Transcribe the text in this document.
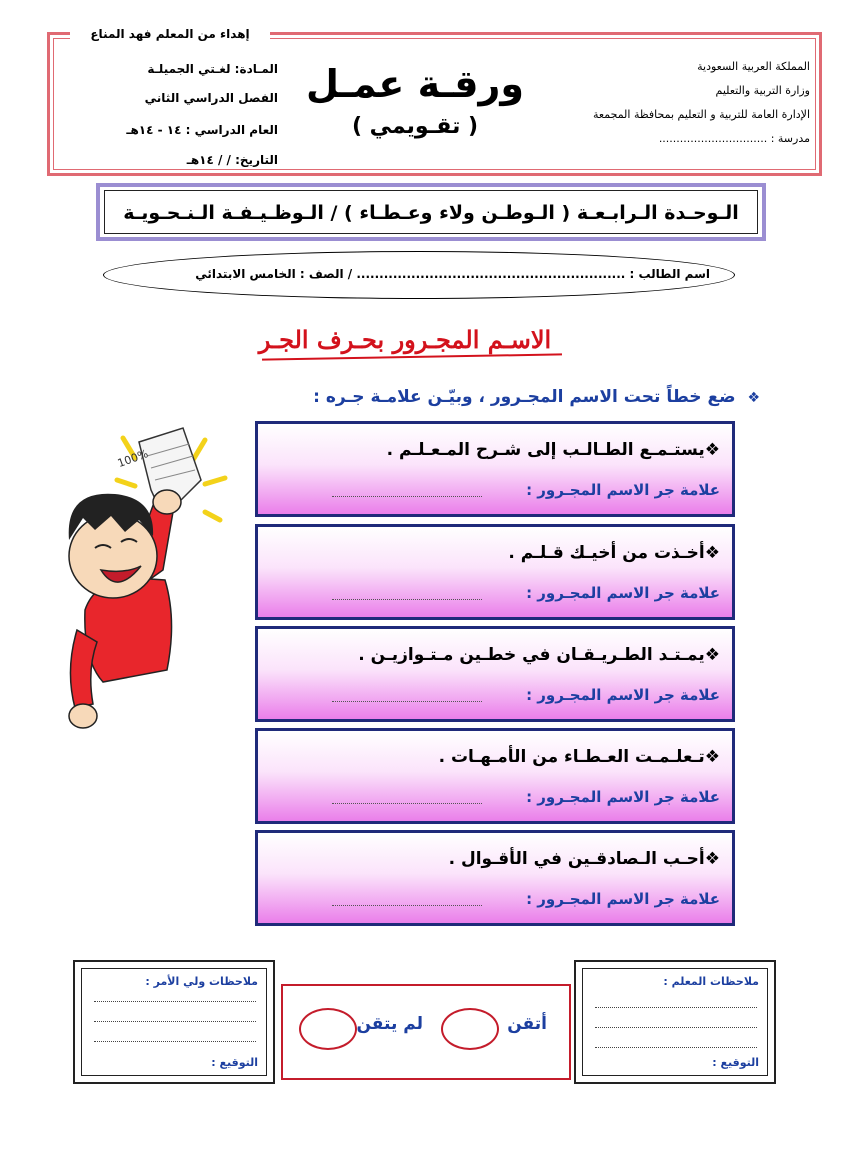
إهداء من المعلم فهد المناع
المملكة العربية السعودية
وزارة التربية والتعليم
الإدارة العامة للتربية و التعليم بمحافظة المجمعة
مدرسة : ...............................
ورقـة عمـل
( تقـويمي )
المـادة: لغـتي الجميلـة
الفصل الدراسي الثاني
العام الدراسي : ١٤ - ١٤هـ
التاريخ: / / ١٤هـ
الـوحـدة الـرابـعـة ( الـوطـن ولاء وعـطـاء ) / الـوظـيـفـة الـنـحـويـة
اسم الطالب : ........................................................... / الصف : الخامس الابتدائي
الاسـم المجـرور بحـرف الجـر
❖ ضع خطاً تحت الاسم المجـرور ، وبيّـن علامـة جـره :
❖يستـمـع الطـالـب إلى شـرح المـعـلـم .
علامة جر الاسم المجـرور :
❖أخـذت من أخيـك قـلـم .
علامة جر الاسم المجـرور :
❖يمـتـد الطـريـقـان في خطـين مـتـوازيـن .
علامة جر الاسم المجـرور :
❖تـعلـمـت العـطـاء من الأمـهـات .
علامة جر الاسم المجـرور :
❖أحـب الـصادقـين في الأقـوال .
علامة جر الاسم المجـرور :
100%
ملاحظات ولي الأمر :
التوقيع :
أتقن
لم يتقن
ملاحظات المعلم :
التوقيع :
